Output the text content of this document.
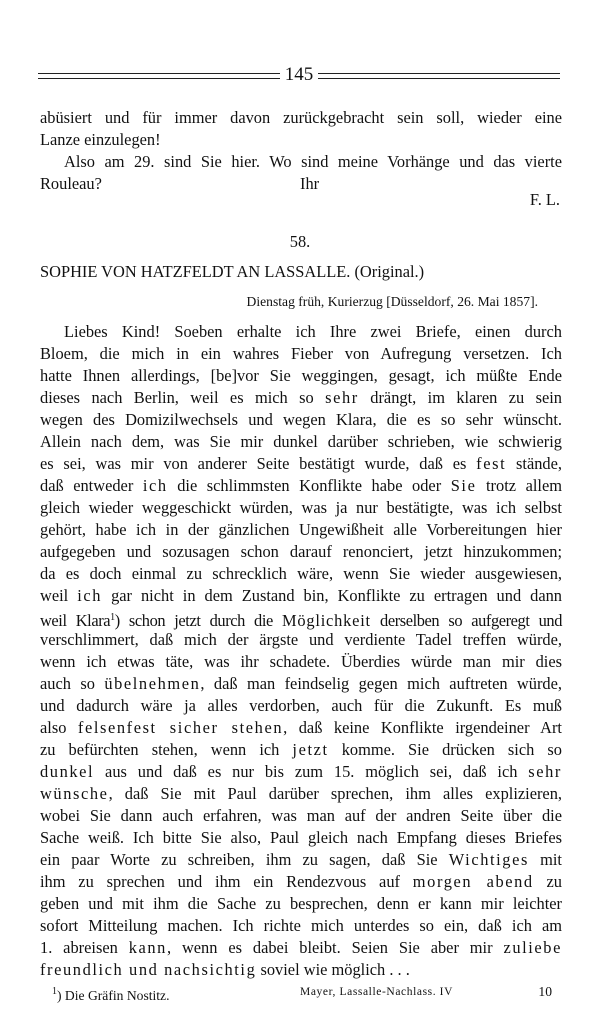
145
abüsiert und für immer davon zurückgebracht sein soll, wieder eine
Lanze einzulegen!
Also am 29. sind Sie hier. Wo sind meine Vorhänge und das vierte
Rouleau?	Ihr
F. L.
58.
SOPHIE VON HATZFELDT AN LASSALLE. (Original.)
Dienstag früh, Kurierzug [Düsseldorf, 26. Mai 1857].
Liebes Kind! Soeben erhalte ich Ihre zwei Briefe, einen durch
Bloem, die mich in ein wahres Fieber von Aufregung versetzen. Ich
hatte Ihnen allerdings, [be]vor Sie weggingen, gesagt, ich müßte Ende
dieses nach Berlin, weil es mich so sehr drängt, im klaren zu sein
wegen des Domizilwechsels und wegen Klara, die es so sehr wünscht.
Allein nach dem, was Sie mir dunkel darüber schrieben, wie schwierig
es sei, was mir von anderer Seite bestätigt wurde, daß es fest stände,
daß entweder ich die schlimmsten Konflikte habe oder Sie trotz allem
gleich wieder weggeschickt würden, was ja nur bestätigte, was ich selbst
gehört, habe ich in der gänzlichen Ungewißheit alle Vorbereitungen hier
aufgegeben und sozusagen schon darauf renonciert, jetzt hinzukommen;
da es doch einmal zu schrecklich wäre, wenn Sie wieder ausgewiesen,
weil ich gar nicht in dem Zustand bin, Konflikte zu ertragen und dann
weil Klara$^1$) schon jetzt durch die Möglichkeit derselben so aufgeregt und
verschlimmert, daß mich der ärgste und verdiente Tadel treffen würde,
wenn ich etwas täte, was ihr schadete. Überdies würde man mir dies
auch so übelnehmen, daß man feindselig gegen mich auftreten würde,
und dadurch wäre ja alles verdorben, auch für die Zukunft. Es muß
also felsenfest sicher stehen, daß keine Konflikte irgendeiner Art
zu befürchten stehen, wenn ich jetzt komme. Sie drücken sich so
dunkel aus und daß es nur bis zum 15. möglich sei, daß ich sehr
wünsche, daß Sie mit Paul darüber sprechen, ihm alles explizieren,
wobei Sie dann auch erfahren, was man auf der andren Seite über die
Sache weiß. Ich bitte Sie also, Paul gleich nach Empfang dieses Briefes
ein paar Worte zu schreiben, ihm zu sagen, daß Sie Wichtiges mit
ihm zu sprechen und ihm ein Rendezvous auf morgen abend zu
geben und mit ihm die Sache zu besprechen, denn er kann mir leichter
sofort Mitteilung machen. Ich richte mich unterdes so ein, daß ich am
1. abreisen kann, wenn es dabei bleibt. Seien Sie aber mir zuliebe
freundlich und nachsichtig soviel wie möglich . . .
$^1$) Die Gräfin Nostitz.	Mayer, Lassalle-Nachlass. IV	10
